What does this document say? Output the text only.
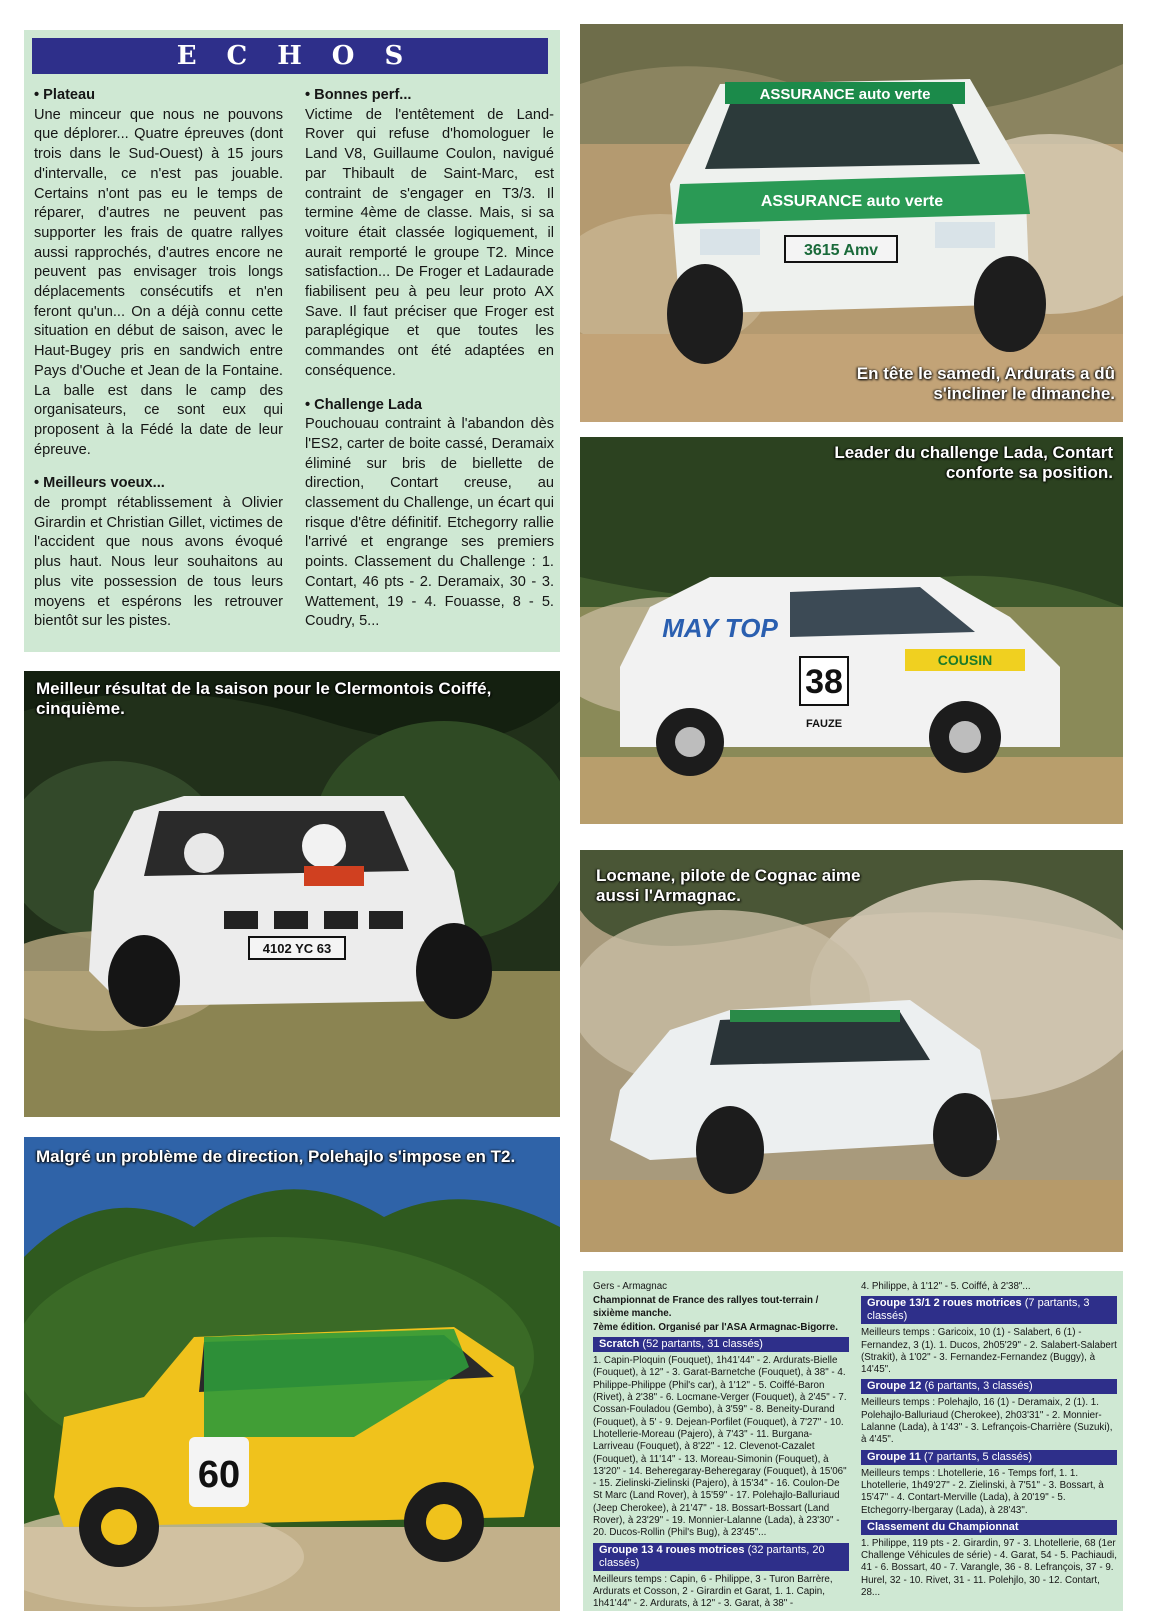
ECHOS

• Plateau
Une minceur que nous ne pouvons que déplorer... Quatre épreuves (dont trois dans le Sud-Ouest) à 15 jours d'intervalle, ce n'est pas jouable. Certains n'ont pas eu le temps de réparer, d'autres ne peuvent pas supporter les frais de quatre rallyes aussi rapprochés, d'autres encore ne peuvent pas envisager trois longs déplacements consécutifs et n'en feront qu'un... On a déjà connu cette situation en début de saison, avec le Haut-Bugey pris en sandwich entre Pays d'Ouche et Jean de la Fontaine. La balle est dans le camp des organisateurs, ce sont eux qui proposent à la Fédé la date de leur épreuve.

• Meilleurs voeux...
de prompt rétablissement à Olivier Girardin et Christian Gillet, victimes de l'accident que nous avons évoqué plus haut. Nous leur souhaitons au plus vite possession de tous leurs moyens et espérons les retrouver bientôt sur les pistes.

• Bonnes perf...
Victime de l'entêtement de Land-Rover qui refuse d'homologuer le Land V8, Guillaume Coulon, navigué par Thibault de Saint-Marc, est contraint de s'engager en T3/3. Il termine 4ème de classe. Mais, si sa voiture était classée logiquement, il aurait remporté le groupe T2. Mince satisfaction... De Froger et Ladaurade fiabilisent peu à peu leur proto AX Save. Il faut préciser que Froger est paraplégique et que toutes les commandes ont été adaptées en conséquence.

• Challenge Lada
Pouchouau contraint à l'abandon dès l'ES2, carter de boite cassé, Deramaix éliminé sur bris de biellette de direction, Contart creuse, au classement du Challenge, un écart qui risque d'être définitif. Etchegorry rallie l'arrivé et engrange ses premiers points. Classement du Challenge : 1. Contart, 46 pts - 2. Deramaix, 30 - 3. Wattement, 19 - 4. Fouasse, 8 - 5. Coudry, 5...

ASSURANCE auto verte
ASSURANCE auto verte
3615 Amv
En tête le samedi, Ardurats a dû s'incliner le dimanche.
MAY TOP
38
FAUZE
COUSIN
Leader du challenge Lada, Contart conforte sa position.
4102 YC 63
Meilleur résultat de la saison pour le Clermontois Coiffé, cinquième.
Locmane, pilote de Cognac aime aussi l'Armagnac.
60
Malgré un problème de direction, Polehajlo s'impose en T2.

Gers - Armagnac

Championnat de France des rallyes tout-terrain / sixième manche.

7ème édition. Organisé par l'ASA Armagnac-Bigorre.

Scratch (52 partants, 31 classés)

1. Capin-Ploquin (Fouquet), 1h41'44" - 2. Ardurats-Bielle (Fouquet), à 12" - 3. Garat-Barnetche (Fouquet), à 38" - 4. Philippe-Philippe (Phil's car), à 1'12" - 5. Coiffé-Baron (Rivet), à 2'38" - 6. Locmane-Verger (Fouquet), à 2'45" - 7. Cossan-Fouladou (Gembo), à 3'59" - 8. Beneity-Durand (Fouquet), à 5' - 9. Dejean-Porfilet (Fouquet), à 7'27" - 10. Lhotellerie-Moreau (Pajero), à 7'43" - 11. Burgana-Larriveau (Fouquet), à 8'22" - 12. Clevenot-Cazalet (Fouquet), à 11'14" - 13. Moreau-Simonin (Fouquet), à 13'20" - 14. Beheregaray-Beheregaray (Fouquet), à 15'06" - 15. Zielinski-Zielinski (Pajero), à 15'34" - 16. Coulon-De St Marc (Land Rover), à 15'59" - 17. Polehajlo-Balluriaud (Jeep Cherokee), à 21'47" - 18. Bossart-Bossart (Land Rover), à 23'29" - 19. Monnier-Lalanne (Lada), à 23'30" - 20. Ducos-Rollin (Phil's Bug), à 23'45"...

Groupe 13 4 roues motrices (32 partants, 20 classés)

Meilleurs temps : Capin, 6 - Philippe, 3 - Turon Barrère, Ardurats et Cosson, 2 - Girardin et Garat, 1. 1. Capin, 1h41'44" - 2. Ardurats, à 12" - 3. Garat, à 38" -

4. Philippe, à 1'12" - 5. Coiffé, à 2'38"...

Groupe 13/1 2 roues motrices (7 partants, 3 classés)

Meilleurs temps : Garicoix, 10 (1) - Salabert, 6 (1) - Fernandez, 3 (1). 1. Ducos, 2h05'29" - 2. Salabert-Salabert (Strakit), à 1'02" - 3. Fernandez-Fernandez (Buggy), à 14'45".

Groupe 12 (6 partants, 3 classés)

Meilleurs temps : Polehajlo, 16 (1) - Deramaix, 2 (1). 1. Polehajlo-Balluriaud (Cherokee), 2h03'31" - 2. Monnier-Lalanne (Lada), à 1'43" - 3. Lefrançois-Charrière (Suzuki), à 4'45".

Groupe 11 (7 partants, 5 classés)

Meilleurs temps : Lhotellerie, 16 - Temps forf, 1. 1. Lhotellerie, 1h49'27" - 2. Zielinski, à 7'51" - 3. Bossart, à 15'47" - 4. Contart-Merville (Lada), à 20'19" - 5. Etchegorry-Ibergaray (Lada), à 28'43".

Classement du Championnat

1. Philippe, 119 pts - 2. Girardin, 97 - 3. Lhotellerie, 68 (1er Challenge Véhicules de série) - 4. Garat, 54 - 5. Pachiaudi, 41 - 6. Bossart, 40 - 7. Varangle, 36 - 8. Lefrançois, 37 - 9. Hurel, 32 - 10. Rivet, 31 - 11. Polehjlo, 30 - 12. Contart, 28...
